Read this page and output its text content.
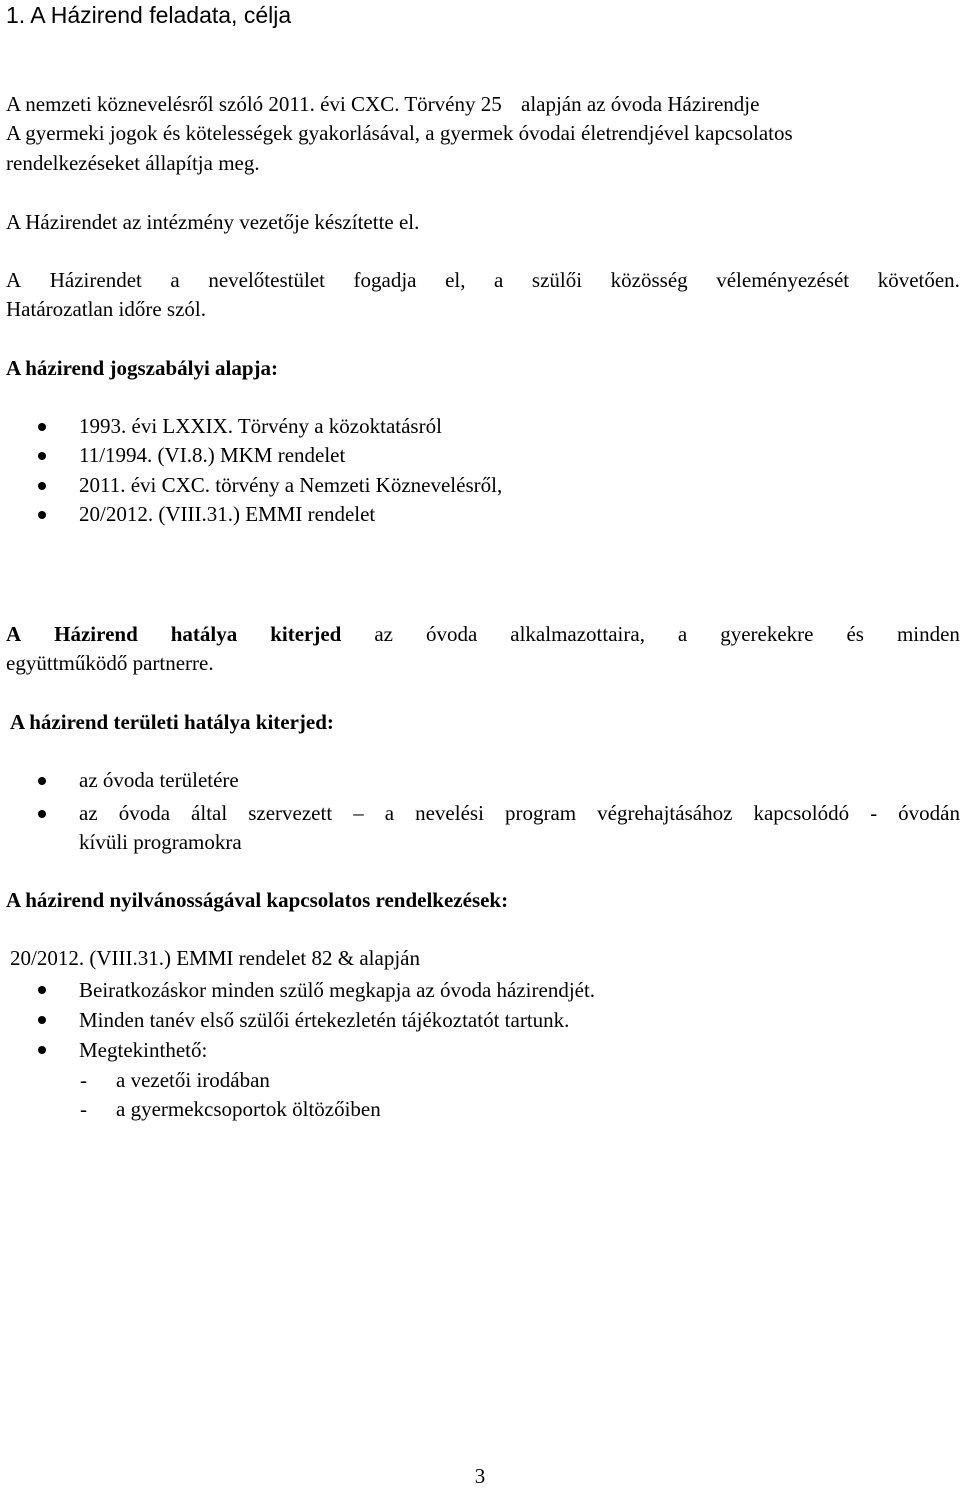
1. A Házirend feladata, célja
A nemzeti köznevelésről szóló 2011. évi CXC. Törvény 25 alapján az óvoda Házirendje
A gyermeki jogok és kötelességek gyakorlásával, a gyermek óvodai életrendjével kapcsolatos
rendelkezéseket állapítja meg.
A Házirendet az intézmény vezetője készítette el.
A Házirendet a nevelőtestület fogadja el, a szülői közösség véleményezését követően.
Határozatlan időre szól.
A házirend jogszabályi alapja:
1993. évi LXXIX. Törvény a közoktatásról
11/1994. (VI.8.) MKM rendelet
2011. évi CXC. törvény a Nemzeti Köznevelésről,
20/2012. (VIII.31.) EMMI rendelet
A Házirend hatálya kiterjed az óvoda alkalmazottaira, a gyerekekre és minden
együttműködő partnerre.
A házirend területi hatálya kiterjed:
az óvoda területére
az óvoda által szervezett – a nevelési program végrehajtásához kapcsolódó - óvodán
kívüli programokra
A házirend nyilvánosságával kapcsolatos rendelkezések:
20/2012. (VIII.31.) EMMI rendelet 82 & alapján
Beiratkozáskor minden szülő megkapja az óvoda házirendjét.
Minden tanév első szülői értekezletén tájékoztatót tartunk.
Megtekinthető:
- a vezetői irodában
- a gyermekcsoportok öltözőiben
3
